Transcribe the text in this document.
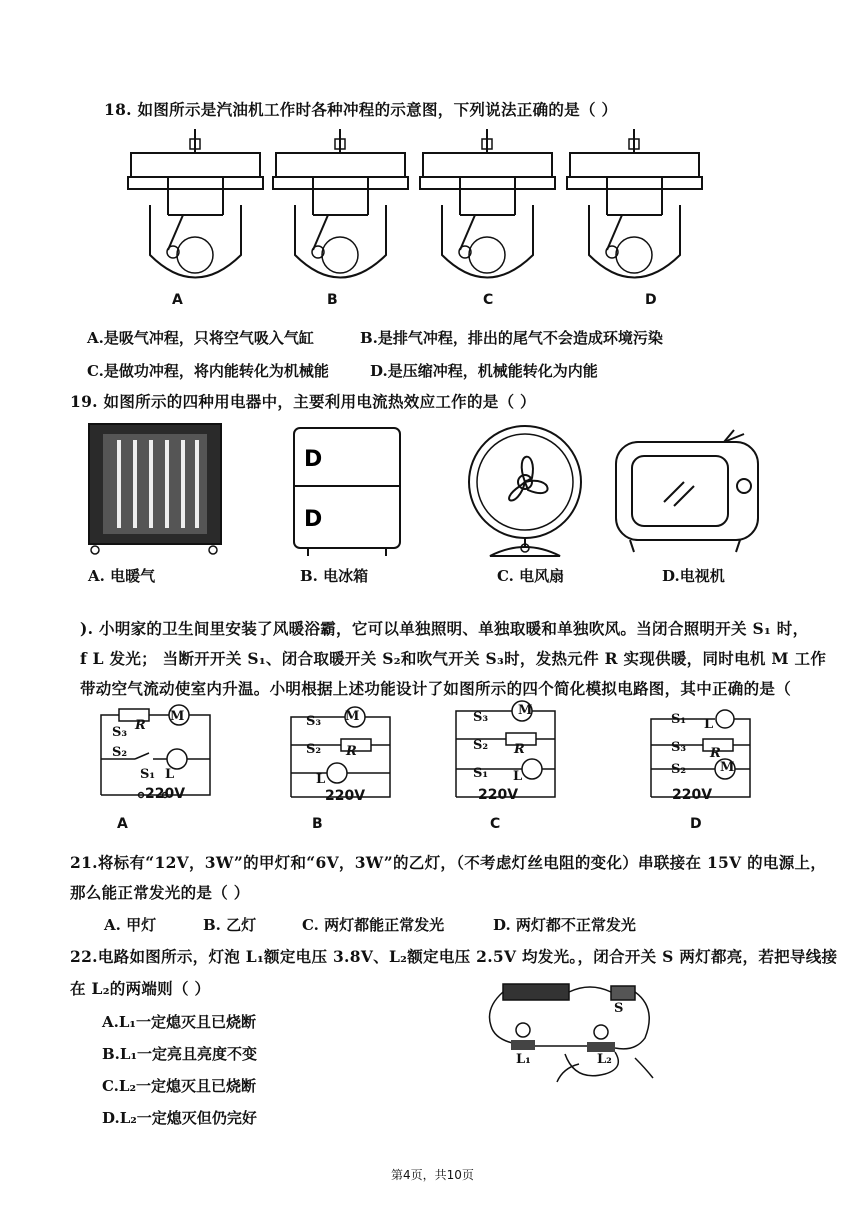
18. 如图所示是汽油机工作时各种冲程的示意图，下列说法正确的是（ ）
A	B	C	D
A.是吸气冲程，只将空气吸入气缸	B.是排气冲程，排出的尾气不会造成环境污染
C.是做功冲程，将内能转化为机械能	D.是压缩冲程，机械能转化为内能
19. 如图所示的四种用电器中，主要利用电流热效应工作的是（ ）
D
D
A. 电暖气	B. 电冰箱	C. 电风扇	D.电视机
). 小明家的卫生间里安装了风暖浴霸，它可以单独照明、单独取暖和单独吹风。当闭合照明开关 S₁ 时，
f L 发光； 当断开开关 S₁、闭合取暖开关 S₂和吹气开关 S₃时，发热元件 R 实现供暖，同时电机 M 工作
带动空气流动使室内升温。小明根据上述功能设计了如图所示的四个简化模拟电路图，其中正确的是（
M
R
S₃
S₂
S₁ L
220V
M
S₃
S₂ R
L
220V
M
S₃
S₂ R
S₁ L
220V
S₁ L
S₃ R
S₂	M
220V
A	B	C	D
21.将标有“12V，3W”的甲灯和“6V，3W”的乙灯，（不考虑灯丝电阻的变化）串联接在 15V 的电源上，
那么能正常发光的是（ ）
A. 甲灯	B. 乙灯	C. 两灯都能正常发光	D. 两灯都不正常发光
22.电路如图所示，灯泡 L₁额定电压 3.8V、L₂额定电压 2.5V 均发光。，闭合开关 S 两灯都亮，若把导线接
在 L₂的两端则（ ）
A.L₁一定熄灭且已烧断
B.L₁一定亮且亮度不变
C.L₂一定熄灭且已烧断
D.L₂一定熄灭但仍完好
S
L₁	L₂
第4页，共10页
